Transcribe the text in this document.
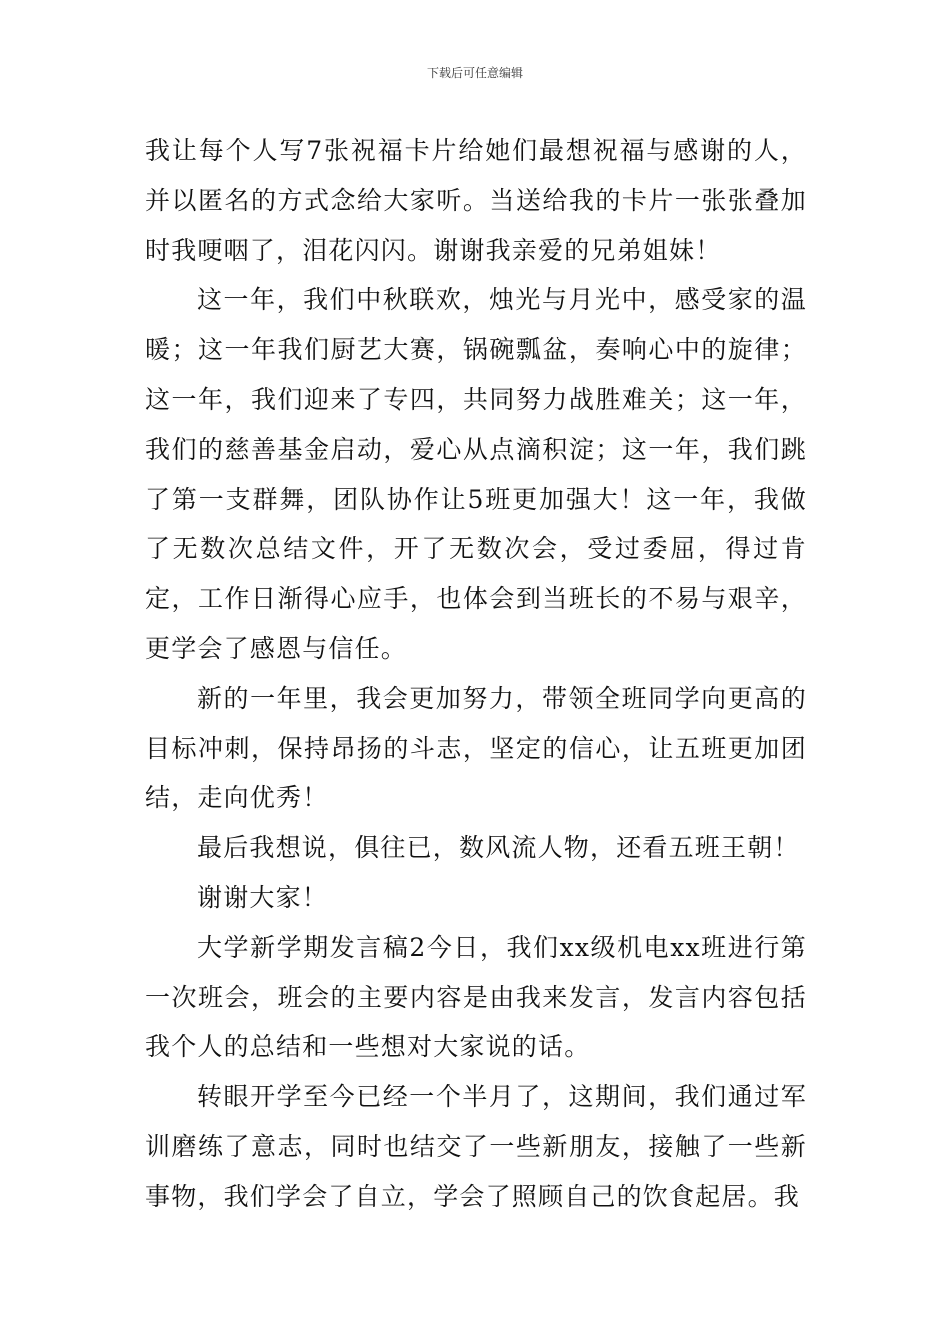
下载后可任意编辑

我让每个人写7张祝福卡片给她们最想祝福与感谢的人，并以匿名的方式念给大家听。当送给我的卡片一张张叠加时我哽咽了，泪花闪闪。谢谢我亲爱的兄弟姐妹！

这一年，我们中秋联欢，烛光与月光中，感受家的温暖；这一年我们厨艺大赛，锅碗瓢盆，奏响心中的旋律；这一年，我们迎来了专四，共同努力战胜难关；这一年，我们的慈善基金启动，爱心从点滴积淀；这一年，我们跳了第一支群舞，团队协作让5班更加强大！这一年，我做了无数次总结文件，开了无数次会，受过委屈，得过肯定，工作日渐得心应手，也体会到当班长的不易与艰辛，更学会了感恩与信任。

新的一年里，我会更加努力，带领全班同学向更高的目标冲刺，保持昂扬的斗志，坚定的信心，让五班更加团结，走向优秀！

最后我想说，俱往已，数风流人物，还看五班王朝！

谢谢大家！

大学新学期发言稿2今日，我们xx级机电xx班进行第一次班会，班会的主要内容是由我来发言，发言内容包括我个人的总结和一些想对大家说的话。

转眼开学至今已经一个半月了，这期间，我们通过军训磨练了意志，同时也结交了一些新朋友，接触了一些新事物，我们学会了自立，学会了照顾自己的饮食起居。我
